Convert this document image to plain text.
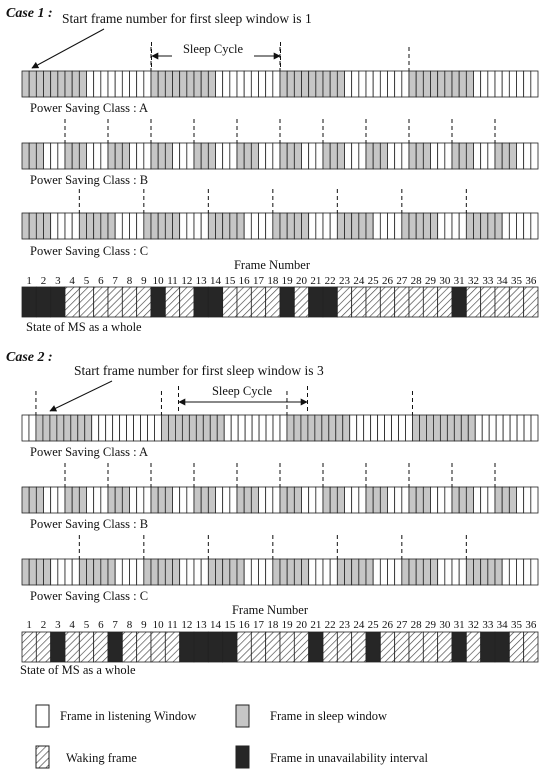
Case 1 : Start frame number for first sleep window is 1
Sleep Cycle
Power Saving Class : A
Power Saving Class : B
Power Saving Class : C
Frame Number
1 2 3 4 5 6 7 8 9 10 11 12 13 14 15 16 17 18 19 20 21 22 23 24 25 26 27 28 29 30 31 32 33 34 35 36
State of MS as a whole
Case 2 :
Start frame number for first sleep window is 3
Sleep Cycle
Power Saving Class : A
Power Saving Class : B
Power Saving Class : C
Frame Number
1 2 3 4 5 6 7 8 9 10 11 12 13 14 15 16 17 18 19 20 21 22 23 24 25 26 27 28 29 30 31 32 33 34 35 36
State of MS as a whole
Frame in listening Window	Frame in sleep window
Waking frame	Frame in unavailability interval
